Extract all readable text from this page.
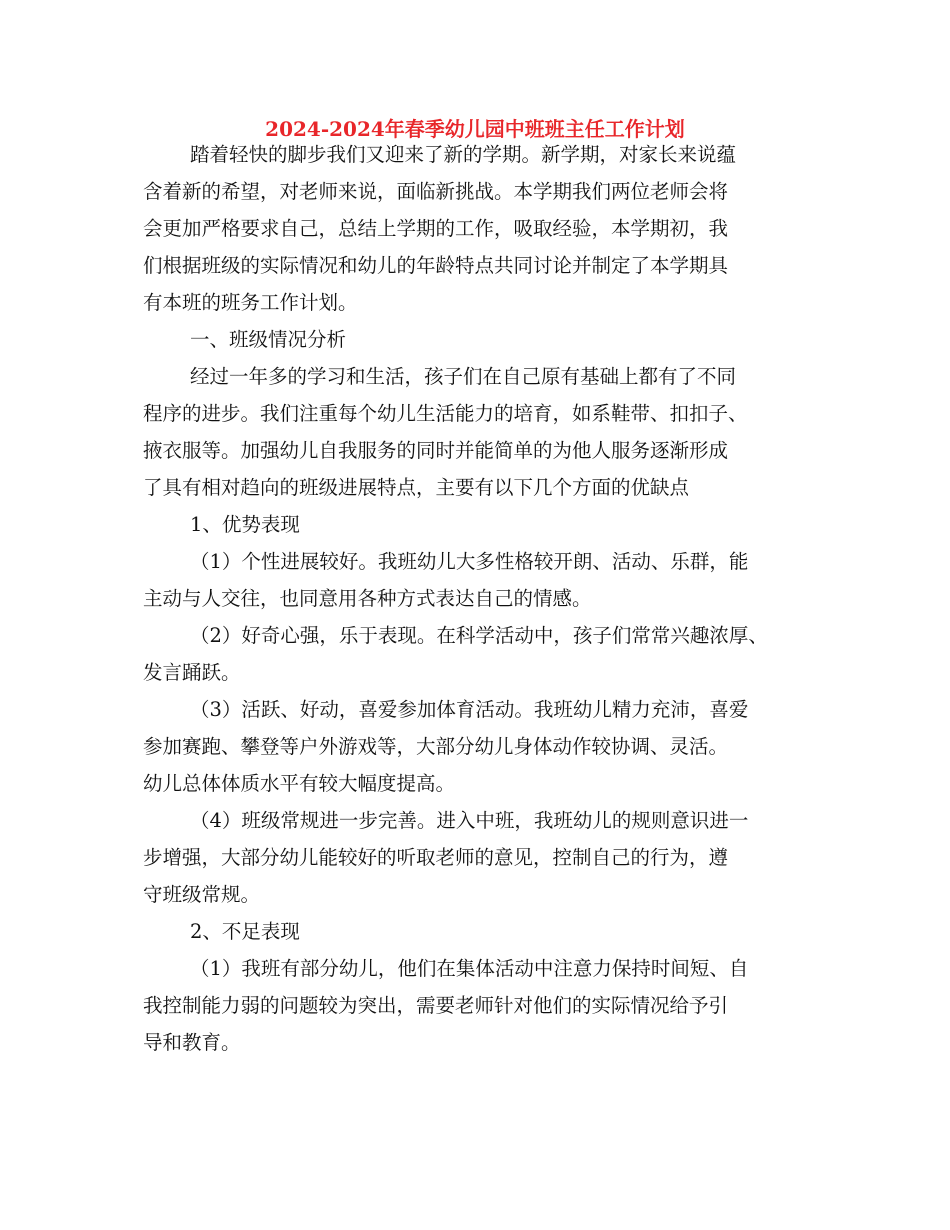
2024-2024年春季幼儿园中班班主任工作计划

踏着轻快的脚步我们又迎来了新的学期。新学期，对家长来说蕴

含着新的希望，对老师来说，面临新挑战。本学期我们两位老师会将

会更加严格要求自己，总结上学期的工作，吸取经验，本学期初，我

们根据班级的实际情况和幼儿的年龄特点共同讨论并制定了本学期具

有本班的班务工作计划。

一、班级情况分析

经过一年多的学习和生活，孩子们在自己原有基础上都有了不同

程序的进步。我们注重每个幼儿生活能力的培育，如系鞋带、扣扣子、

掖衣服等。加强幼儿自我服务的同时并能简单的为他人服务逐渐形成

了具有相对趋向的班级进展特点，主要有以下几个方面的优缺点

1、优势表现

（1）个性进展较好。我班幼儿大多性格较开朗、活动、乐群，能

主动与人交往，也同意用各种方式表达自己的情感。

（2）好奇心强，乐于表现。在科学活动中，孩子们常常兴趣浓厚、

发言踊跃。

（3）活跃、好动，喜爱参加体育活动。我班幼儿精力充沛，喜爱

参加赛跑、攀登等户外游戏等，大部分幼儿身体动作较协调、灵活。

幼儿总体体质水平有较大幅度提高。

（4）班级常规进一步完善。进入中班，我班幼儿的规则意识进一

步增强，大部分幼儿能较好的听取老师的意见，控制自己的行为，遵

守班级常规。

2、不足表现

（1）我班有部分幼儿，他们在集体活动中注意力保持时间短、自

我控制能力弱的问题较为突出，需要老师针对他们的实际情况给予引

导和教育。
